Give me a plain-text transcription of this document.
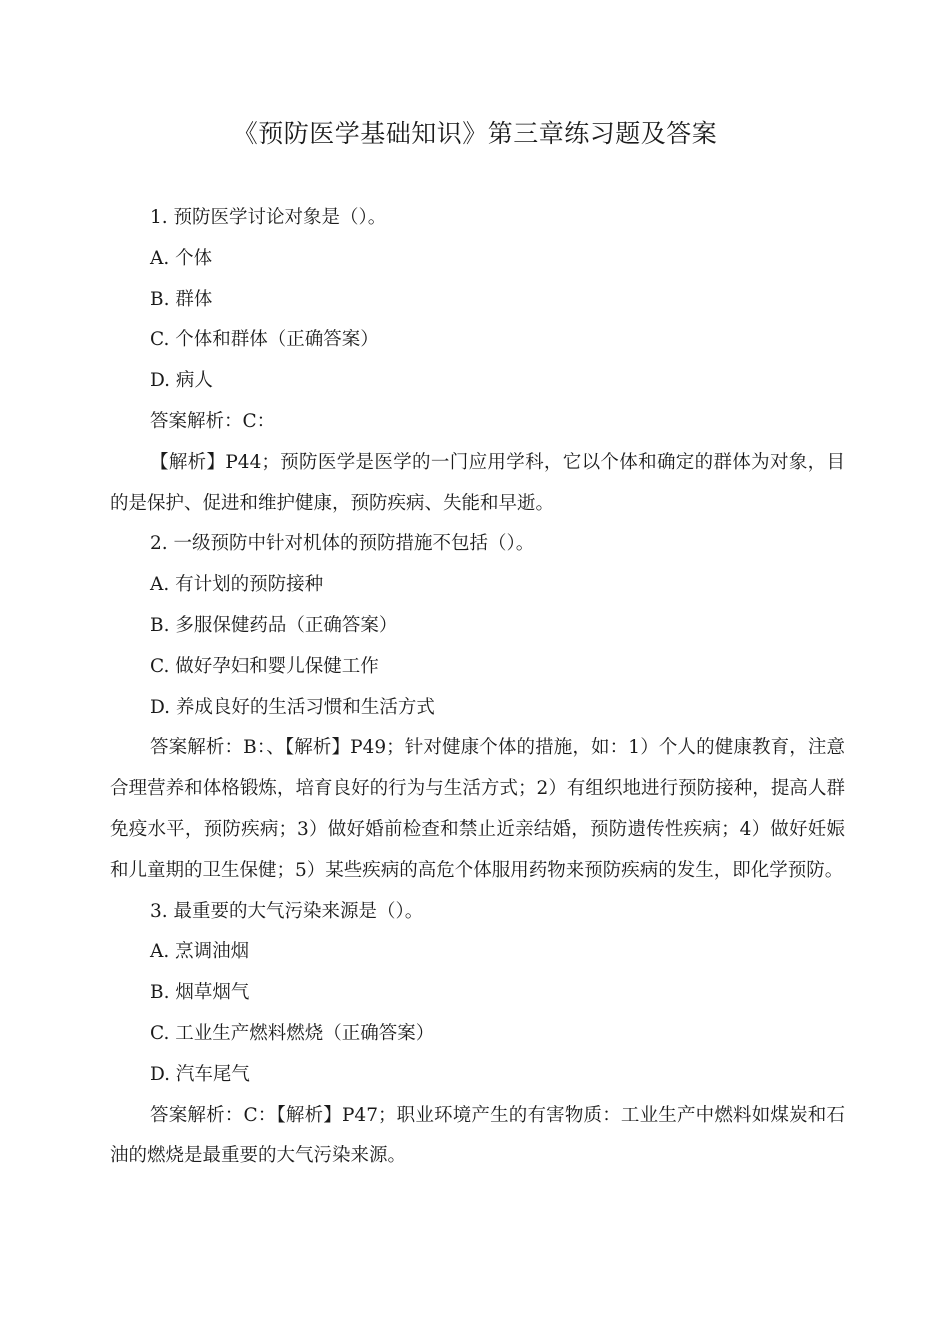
《预防医学基础知识》第三章练习题及答案
1. 预防医学讨论对象是（）。
A. 个体
B. 群体
C. 个体和群体（正确答案）
D. 病人
答案解析：C：

【解析】P44；预防医学是医学的一门应用学科，它以个体和确定的群体为对象，目的是保护、促进和维护健康，预防疾病、失能和早逝。

2. 一级预防中针对机体的预防措施不包括（）。
A. 有计划的预防接种
B. 多服保健药品（正确答案）
C. 做好孕妇和婴儿保健工作
D. 养成良好的生活习惯和生活方式

答案解析：B：、【解析】P49；针对健康个体的措施，如：1）个人的健康教育，注意合理营养和体格锻炼，培育良好的行为与生活方式；2）有组织地进行预防接种，提高人群免疫水平，预防疾病；3）做好婚前检查和禁止近亲结婚，预防遗传性疾病；4）做好妊娠和儿童期的卫生保健；5）某些疾病的高危个体服用药物来预防疾病的发生，即化学预防。

3. 最重要的大气污染来源是（）。
A. 烹调油烟
B. 烟草烟气
C. 工业生产燃料燃烧（正确答案）
D. 汽车尾气

答案解析：C：【解析】P47；职业环境产生的有害物质：工业生产中燃料如煤炭和石油的燃烧是最重要的大气污染来源。
